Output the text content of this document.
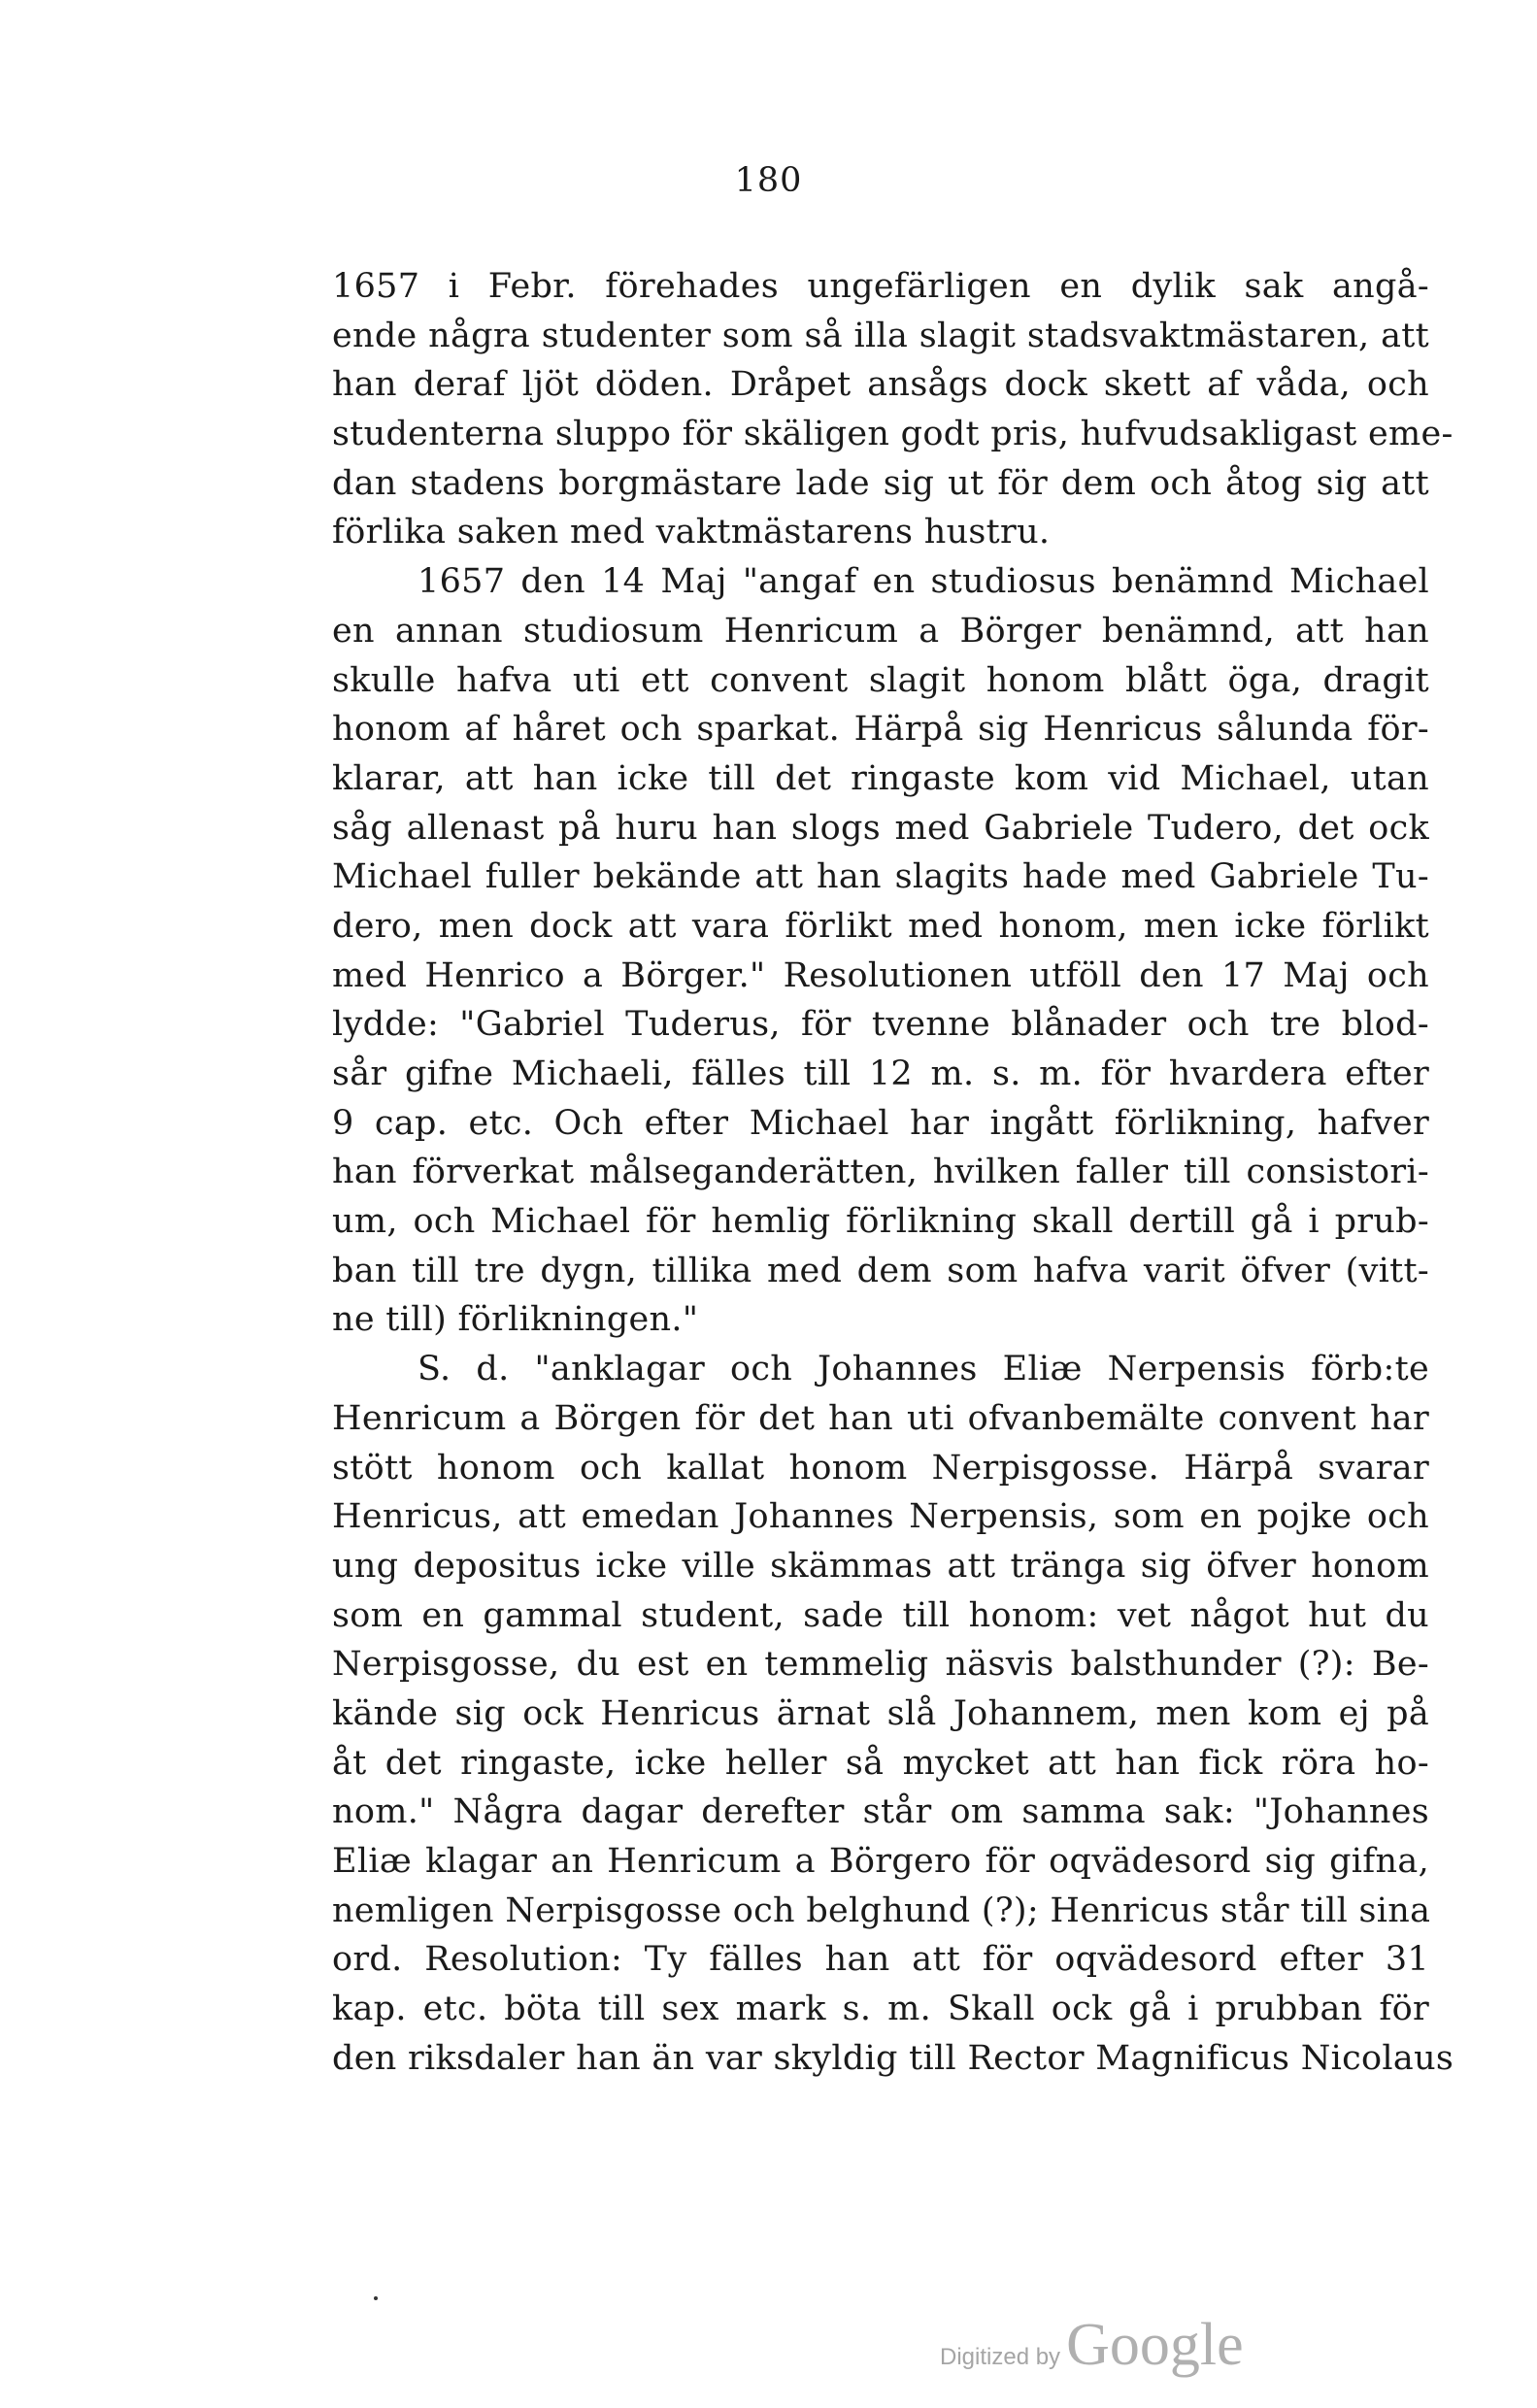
180
1657 i Febr. förehades ungefärligen en dylik sak angå-
ende några studenter som så illa slagit stadsvaktmästaren, att
han deraf ljöt döden. Dråpet ansågs dock skett af våda, och
studenterna sluppo för skäligen godt pris, hufvudsakligast eme-
dan stadens borgmästare lade sig ut för dem och åtog sig att
förlika saken med vaktmästarens hustru.
1657 den 14 Maj "angaf en studiosus benämnd Michael
en annan studiosum Henricum a Börger benämnd, att han
skulle hafva uti ett convent slagit honom blått öga, dragit
honom af håret och sparkat. Härpå sig Henricus sålunda för-
klarar, att han icke till det ringaste kom vid Michael, utan
såg allenast på huru han slogs med Gabriele Tudero, det ock
Michael fuller bekände att han slagits hade med Gabriele Tu-
dero, men dock att vara förlikt med honom, men icke förlikt
med Henrico a Börger." Resolutionen utföll den 17 Maj och
lydde: "Gabriel Tuderus, för tvenne blånader och tre blod-
sår gifne Michaeli, fälles till 12 m. s. m. för hvardera efter
9 cap. etc. Och efter Michael har ingått förlikning, hafver
han förverkat målseganderätten, hvilken faller till consistori-
um, och Michael för hemlig förlikning skall dertill gå i prub-
ban till tre dygn, tillika med dem som hafva varit öfver (vitt-
ne till) förlikningen."
S. d. "anklagar och Johannes Eliæ Nerpensis förb:te
Henricum a Börgen för det han uti ofvanbemälte convent har
stött honom och kallat honom Nerpisgosse. Härpå svarar
Henricus, att emedan Johannes Nerpensis, som en pojke och
ung depositus icke ville skämmas att tränga sig öfver honom
som en gammal student, sade till honom: vet något hut du
Nerpisgosse, du est en temmelig näsvis balsthunder (?): Be-
kände sig ock Henricus ärnat slå Johannem, men kom ej på
åt det ringaste, icke heller så mycket att han fick röra ho-
nom." Några dagar derefter står om samma sak: "Johannes
Eliæ klagar an Henricum a Börgero för oqvädesord sig gifna,
nemligen Nerpisgosse och belghund (?); Henricus står till sina
ord. Resolution: Ty fälles han att för oqvädesord efter 31
kap. etc. böta till sex mark s. m. Skall ock gå i prubban för
den riksdaler han än var skyldig till Rector Magnificus Nicolaus
Digitized by Google
